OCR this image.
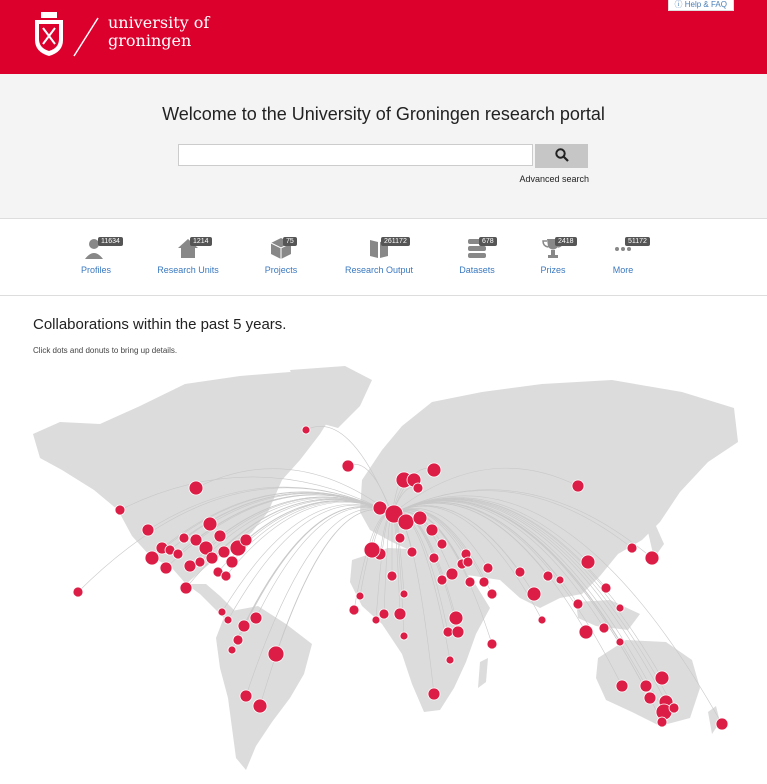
university of
groningen
ⓘ Help & FAQ
Welcome to the University of Groningen research portal
Advanced search
11634
Profiles
1214
Research Units
75
Projects
261172
Research Output
678
Datasets
2418
Prizes
51172
More
Collaborations within the past 5 years.
Click dots and donuts to bring up details.
